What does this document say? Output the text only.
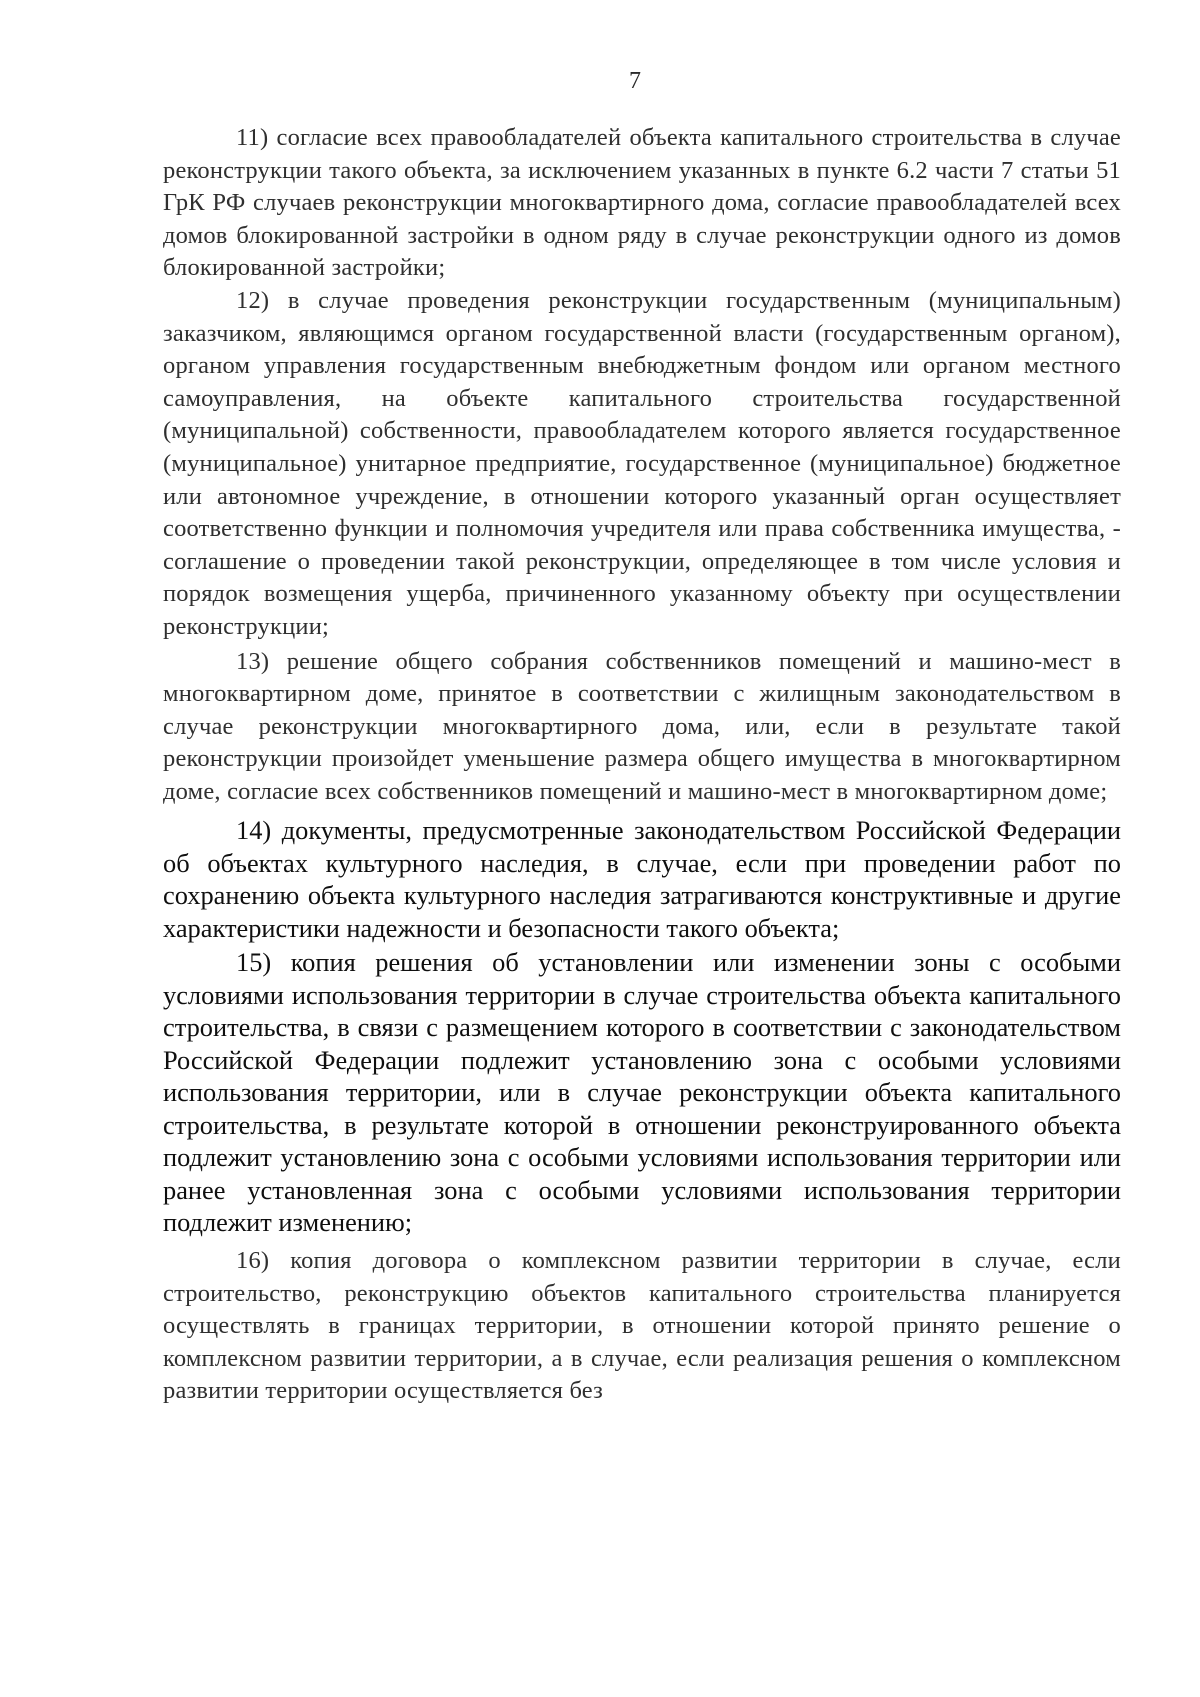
7

11) согласие всех правообладателей объекта капитального строительства в случае реконструкции такого объекта, за исключением указанных в пункте 6.2 части 7 статьи 51 ГрК РФ случаев реконструкции многоквартирного дома, согласие правообладателей всех домов блокированной застройки в одном ряду в случае реконструкции одного из домов блокированной застройки;

12) в случае проведения реконструкции государственным (муниципальным) заказчиком, являющимся органом государственной власти (государственным органом), органом управления государственным внебюджетным фондом или органом местного самоуправления, на объекте капитального строительства государственной (муниципальной) собственности, правообладателем которого является государственное (муниципальное) унитарное предприятие, государственное (муниципальное) бюджетное или автономное учреждение, в отношении которого указанный орган осуществляет соответственно функции и полномочия учредителя или права собственника имущества, - соглашение о проведении такой реконструкции, определяющее в том числе условия и порядок возмещения ущерба, причиненного указанному объекту при осуществлении реконструкции;

13) решение общего собрания собственников помещений и машино-мест в многоквартирном доме, принятое в соответствии с жилищным законодательством в случае реконструкции многоквартирного дома, или, если в результате такой реконструкции произойдет уменьшение размера общего имущества в многоквартирном доме, согласие всех собственников помещений и машино-мест в многоквартирном доме;

14) документы, предусмотренные законодательством Российской Федерации об объектах культурного наследия, в случае, если при проведении работ по сохранению объекта культурного наследия затрагиваются конструктивные и другие характеристики надежности и безопасности такого объекта;

15) копия решения об установлении или изменении зоны с особыми условиями использования территории в случае строительства объекта капитального строительства, в связи с размещением которого в соответствии с законодательством Российской Федерации подлежит установлению зона с особыми условиями использования территории, или в случае реконструкции объекта капитального строительства, в результате которой в отношении реконструированного объекта подлежит установлению зона с особыми условиями использования территории или ранее установленная зона с особыми условиями использования территории подлежит изменению;

16) копия договора о комплексном развитии территории в случае, если строительство, реконструкцию объектов капитального строительства планируется осуществлять в границах территории, в отношении которой принято решение о комплексном развитии территории, а в случае, если реализация решения о комплексном развитии территории осуществляется без
